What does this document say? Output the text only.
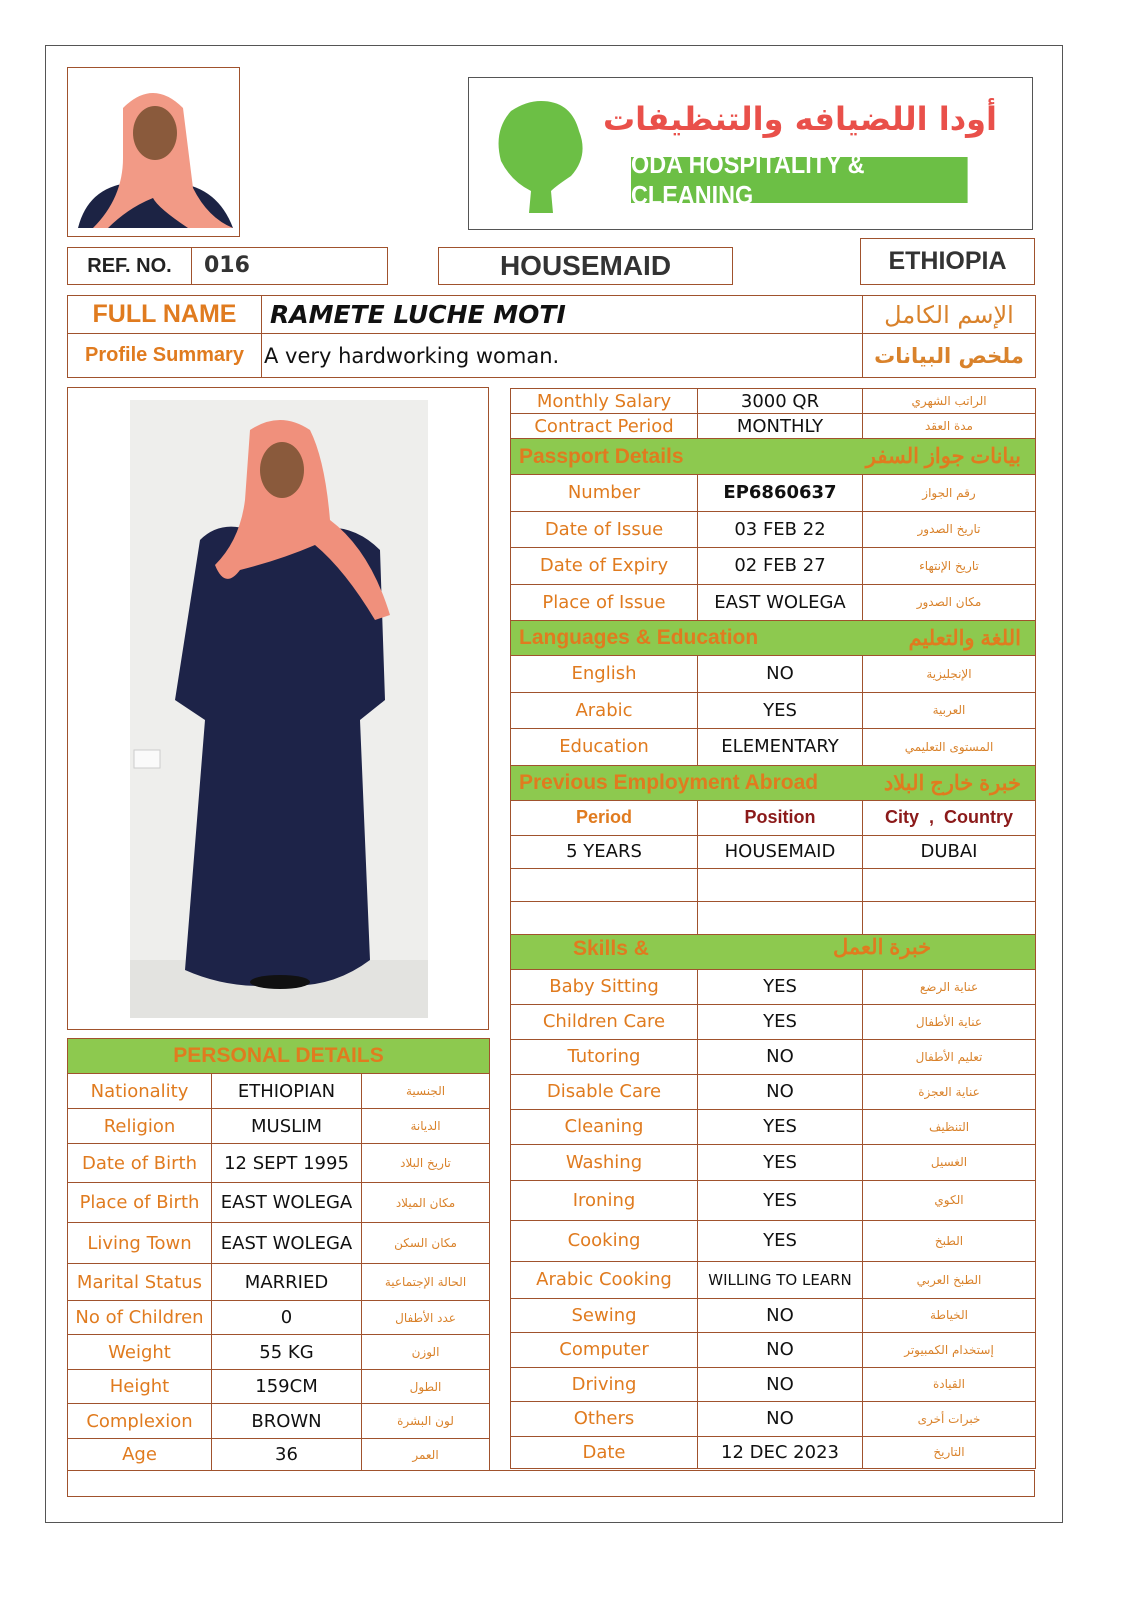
أودا اللضيافه والتنظيفات
ODA HOSPITALITY & CLEANING
REF. NO.	016	HOUSEMAID	ETHIOPIA
FULL NAME	RAMETE LUCHE MOTI	الإسم الكامل
Profile Summary	A very hardworking woman.	ملخص البيانات
PERSONAL DETAILS		
Nationality	ETHIOPIAN	الجنسية
Religion	MUSLIM	الديانة
Date of Birth	12 SEPT 1995	تاريخ البلاد
Place of Birth	EAST WOLEGA	مكان الميلاد
Living Town	EAST WOLEGA	مكان السكن
Marital Status	MARRIED	الحالة الإجتماعية
No of Children	0	عدد الأطفال
Weight	55 KG	الوزن
Height	159CM	الطول
Complexion	BROWN	لون البشرة
Age	36	العمر
Monthly Salary	3000 QR	الراتب الشهري
Contract Period	MONTHLY	مدة العقد
Passport Details بيانات جواز السفر		

Number	EP6860637	رقم الجواز
Date of Issue	03 FEB 22	تاريخ الصدور
Date of Expiry	02 FEB 27	تاريخ الإنتهاء
Place of Issue	EAST WOLEGA	مكان الصدور
Languages & Education اللغة والتعليم		

English	NO	الإنجليزية
Arabic	YES	العربية
Education	ELEMENTARY	المستوى التعليمي
Previous Employment Abroad خبرة خارج البلاد		

Period	Position	City  ,  Country
5 YEARS	HOUSEMAID	DUBAI

Skills & خبرة العمل		

Baby Sitting	YES	عناية الرضع
Children Care	YES	عناية الأطفال
Tutoring	NO	تعليم الأطفال
Disable Care	NO	عناية العجزة
Cleaning	YES	التنظيف
Washing	YES	الغسيل
Ironing	YES	الكوي
Cooking	YES	الطبخ
Arabic Cooking	WILLING TO LEARN	الطبخ العربي
Sewing	NO	الخياطة
Computer	NO	إستخدام الكمبيوتر
Driving	NO	القيادة
Others	NO	خبرات أخرى
Date	12 DEC 2023	التاريخ
